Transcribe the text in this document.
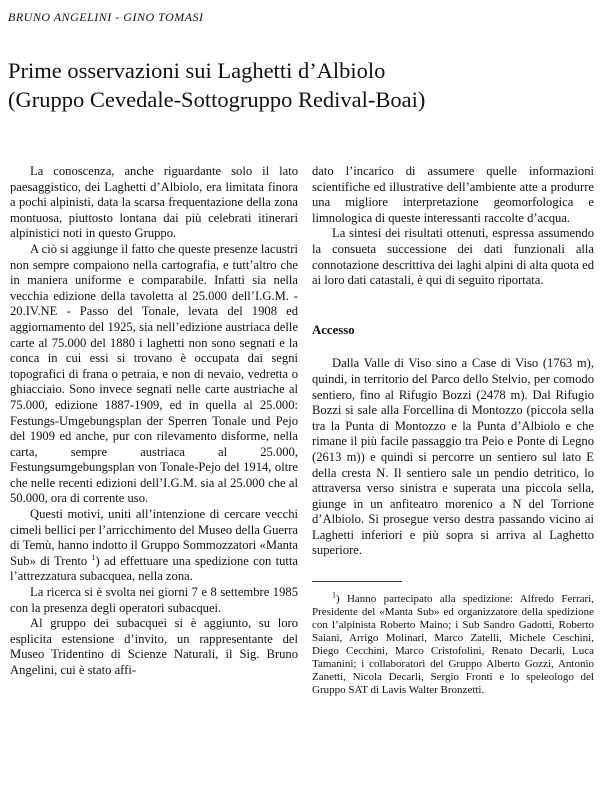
BRUNO ANGELINI - GINO TOMASI
Prime osservazioni sui Laghetti d’Albiolo
(Gruppo Cevedale-Sottogruppo Redival-Boai)

La conoscenza, anche riguardante solo il lato paesaggistico, dei Laghetti d’Albiolo, era limitata finora a pochi alpinisti, data la scarsa frequentazione della zona montuosa, piuttosto lontana dai più celebrati itinerari alpinistici noti in questo Gruppo.

A ciò si aggiunge il fatto che queste presenze lacustri non sempre compaiono nella cartografia, e tutt’altro che in maniera uniforme e comparabile. Infatti sia nella vecchia edizione della tavoletta al 25.000 dell’I.G.M. - 20.IV.NE - Passo del Tonale, levata del 1908 ed aggiornamento del 1925, sia nell’edizione austriaca delle carte al 75.000 del 1880 i laghetti non sono segnati e la conca in cui essi si trovano è occupata dai segni topografici di frana o petraia, e non di nevaio, vedretta o ghiacciaio. Sono invece segnati nelle carte austriache al 75.000, edizione 1887-1909, ed in quella al 25.000: Festungs-Umgebungsplan der Sperren Tonale und Pejo del 1909 ed anche, pur con rilevamento disforme, nella carta, sempre austriaca al 25.000, Festungsumgebungsplan von Tonale-Pejo del 1914, oltre che nelle recenti edizioni dell’I.G.M. sia al 25.000 che al 50.000, ora di corrente uso.

Questi motivi, uniti all’intenzione di cercare vecchi cimeli bellici per l’arricchimento del Museo della Guerra di Temù, hanno indotto il Gruppo Sommozzatori «Manta Sub» di Trento $^1$) ad effettuare una spedizione con tutta l’attrezzatura subacquea, nella zona.

La ricerca si è svolta nei giorni 7 e 8 settembre 1985 con la presenza degli operatori subacquei.

Al gruppo dei subacquei si è aggiunto, su loro esplicita estensione d’invito, un rappresentante del Museo Tridentino di Scienze Naturali, il Sig. Bruno Angelini, cui è stato affi-

dato l’incarico di assumere quelle informazioni scientifiche ed illustrative dell’ambiente atte a produrre una migliore interpretazione geomorfologica e limnologica di queste interessanti raccolte d’acqua.

La sintesi dei risultati ottenuti, espressa assumendo la consueta successione dei dati funzionali alla connotazione descrittiva dei laghi alpini di alta quota ed ai loro dati catastali, è qui di seguito riportata.

Accesso

Dalla Valle di Viso sino a Case di Viso (1763 m), quindi, in territorio del Parco dello Stelvio, per comodo sentiero, fino al Rifugio Bozzi (2478 m). Dal Rifugio Bozzi si sale alla Forcellina di Montozzo (piccola sella tra la Punta di Montozzo e la Punta d’Albiolo e che rimane il più facile passaggio tra Peio e Ponte di Legno (2613 m)) e quindi si percorre un sentiero sul lato E della cresta N. Il sentiero sale un pendio detritico, lo attraversa verso sinistra e superata una piccola sella, giunge in un anfiteatro morenico a N del Torrione d’Albiolo. Si prosegue verso destra passando vicino ai Laghetti inferiori e più sopra si arriva al Laghetto superiore.

$^1$) Hanno partecipato alla spedizione: Alfredo Ferrari, Presidente del «Manta Sub» ed organizzatore della spedizione con l’alpinista Roberto Maino; i Sub Sandro Gadotti, Roberto Saiani, Arrigo Molinari, Marco Zatelli, Michele Ceschini, Diego Cecchini, Marco Cristofolini, Renato Decarli, Luca Tamanini; i collaboratori del Gruppo Alberto Gozzi, Antonio Zanetti, Nicola Decarli, Sergio Fronti e lo speleologo del Gruppo SAT di Lavis Walter Bronzetti.
